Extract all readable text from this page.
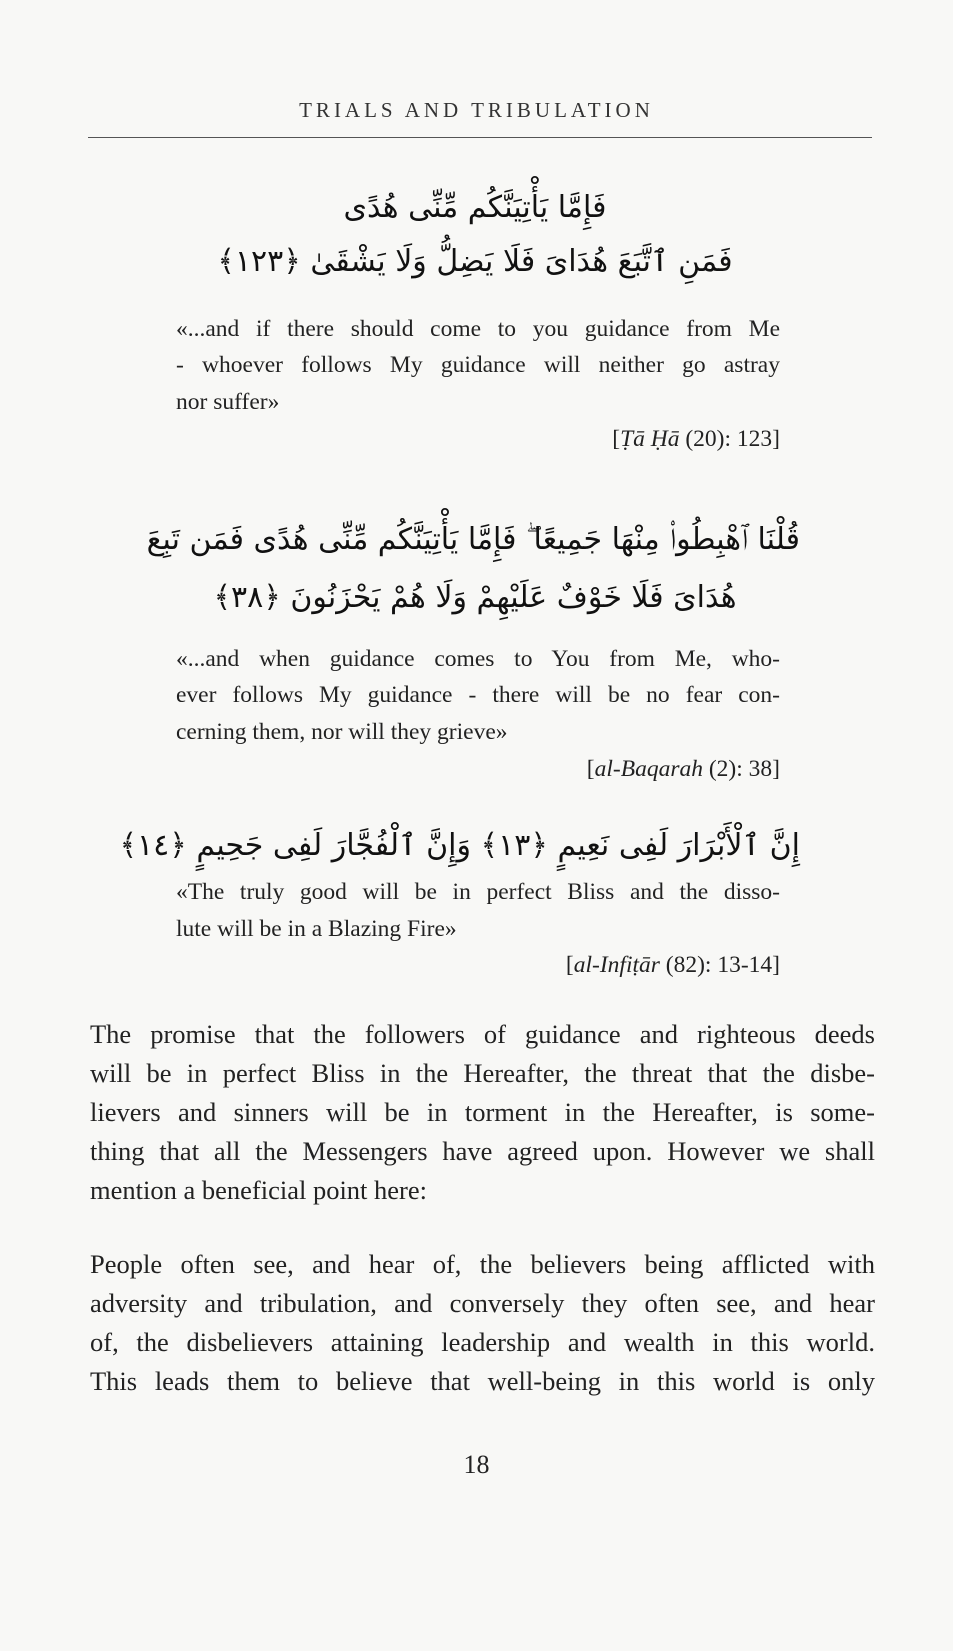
TRIALS AND TRIBULATION
فَإِمَّا يَأْتِيَنَّكُم مِّنِّى هُدًى
فَمَنِ ٱتَّبَعَ هُدَاىَ فَلَا يَضِلُّ وَلَا يَشْقَىٰ ﴿١٢٣﴾
«...and if there should come to you guidance from Me
- whoever follows My guidance will neither go astray
nor suffer»
[Ṭā Ḥā (20): 123]
قُلْنَا ٱهْبِطُوا۟ مِنْهَا جَمِيعًا ۖ فَإِمَّا يَأْتِيَنَّكُم مِّنِّى هُدًى فَمَن تَبِعَ
هُدَاىَ فَلَا خَوْفٌ عَلَيْهِمْ وَلَا هُمْ يَحْزَنُونَ ﴿٣٨﴾
«...and when guidance comes to You from Me, who-
ever follows My guidance - there will be no fear con-
cerning them, nor will they grieve»
[al-Baqarah (2): 38]
إِنَّ ٱلْأَبْرَارَ لَفِى نَعِيمٍ ﴿١٣﴾ وَإِنَّ ٱلْفُجَّارَ لَفِى جَحِيمٍ ﴿١٤﴾
«The truly good will be in perfect Bliss and the disso-
lute will be in a Blazing Fire»
[al-Infiṭār (82): 13-14]
The promise that the followers of guidance and righteous deeds
will be in perfect Bliss in the Hereafter, the threat that the disbe-
lievers and sinners will be in torment in the Hereafter, is some-
thing that all the Messengers have agreed upon. However we shall
mention a beneficial point here:
People often see, and hear of, the believers being afflicted with
adversity and tribulation, and conversely they often see, and hear
of, the disbelievers attaining leadership and wealth in this world.
This leads them to believe that well-being in this world is only
18
